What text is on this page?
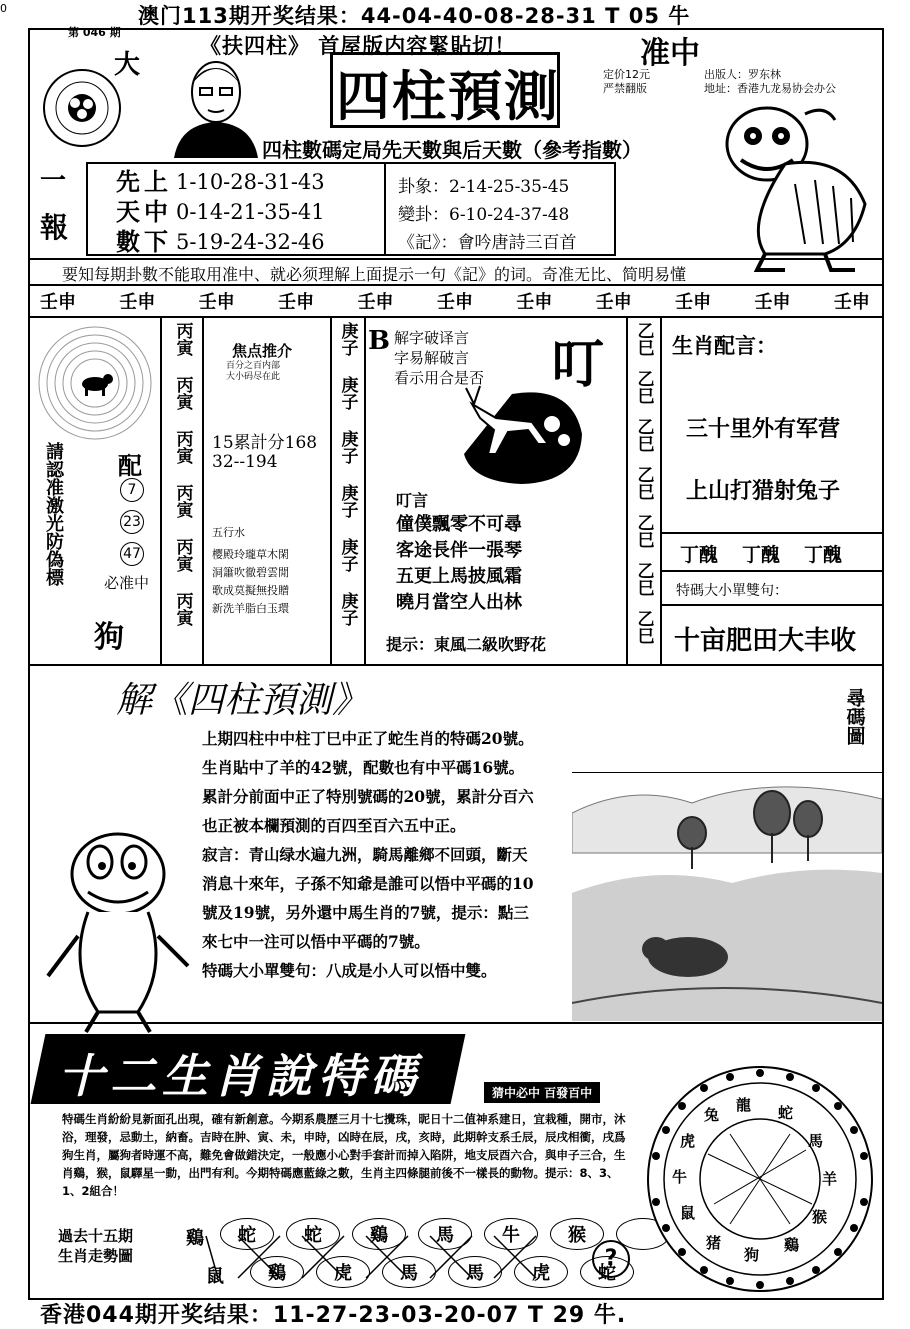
澳门113期开奖结果：44-04-40-08-28-31 T 05 牛
0
第 046 期
《扶四柱》 首屋版内容緊貼切！	准中
大
一
報
四柱預測	定价12元
严禁翻版
出版人：罗东林
地址：香港九龙易协会办公
四柱數碼定局先天數與后天數（參考指數）
先 上 1-10-28-31-43
天 中 0-14-21-35-41
數 下 5-19-24-32-46
卦象：2-14-25-35-45
變卦：6-10-24-37-48
《記》：會吟唐詩三百首
要知每期卦數不能取用准中、就必须理解上面提示一句《記》的词。奇准无比、简明易懂
壬申 壬申 壬申 壬申 壬申 壬申 壬申 壬申 壬申 壬申 壬申
請認准激光防偽標 配
7
23
47
必准中
狗
丙寅
丙寅
丙寅
丙寅
丙寅
丙寅
焦点推介
百分之百内部
大小码尽在此
15累計分168
32--194
五行水
樱殿玲瓏草木閑
洞簫吹徹碧雲閒
歌成莫擬無投贈
新洗羊脂白玉環
庚子
庚子
庚子
庚子
庚子
庚子
B 解字破译言
字易解破言
看示用合是否 叮
叮言
僮僕飄零不可尋
客途長伴一張琴
五更上馬披風霜
曉月當空人出林
提示：東風二級吹野花
乙巳
乙巳
乙巳
乙巳
乙巳
乙巳
乙巳
生肖配言：
三十里外有军营
上山打猎射兔子
丁醜 丁醜 丁醜
特碼大小單雙句：
十亩肥田大丰收
解《四柱預測》	尋碼圖

上期四柱中中柱丁巳中正了蛇生肖的特碼20號。

生肖貼中了羊的42號，配數也有中平碼16號。

累計分前面中正了特別號碼的20號，累計分百六

也正被本欄預測的百四至百六五中正。

寂言：青山绿水遍九洲，騎馬離鄉不回頭，斷天

消息十來年，子孫不知爺是誰可以悟中平碼的10

號及19號，另外還中馬生肖的7號，提示：點三

來七中一注可以悟中平碼的7號。

特碼大小單雙句：八成是小人可以悟中雙。

十二生肖說特碼	猜中必中 百發百中
特碼生肖紛紛見新面孔出現，確有新創意。今期系農歷三月十七攪珠，昵日十二值神系建日，宜栽種，開市，沐浴，理發，忌動土，納畜。吉時在肿、寅、未，申時，凶時在辰，戌，亥時，此期幹支系壬辰，辰戌相衝，戌爲狗生肖，屬狗者時運不高，難免會做錯決定，一般應小心對手套計而掉入陷阱，地支辰酉六合，與申子三合，生肖鷄，猴，鼠驛星一動，出門有利。今期特碼應藍綠之數，生肖主四條腿前後不一樣長的動物。提示：8、3、1、2組合！
過去十五期
生肖走勢圖
鷄	蛇	蛇	鷄	馬	牛	猴
鼠	鷄	虎	馬	馬	虎	蛇
?
龍 蛇
馬
羊
猴
鷄
狗
猪
鼠
牛
虎
兔
香港044期开奖结果：11-27-23-03-20-07 T 29 牛.
